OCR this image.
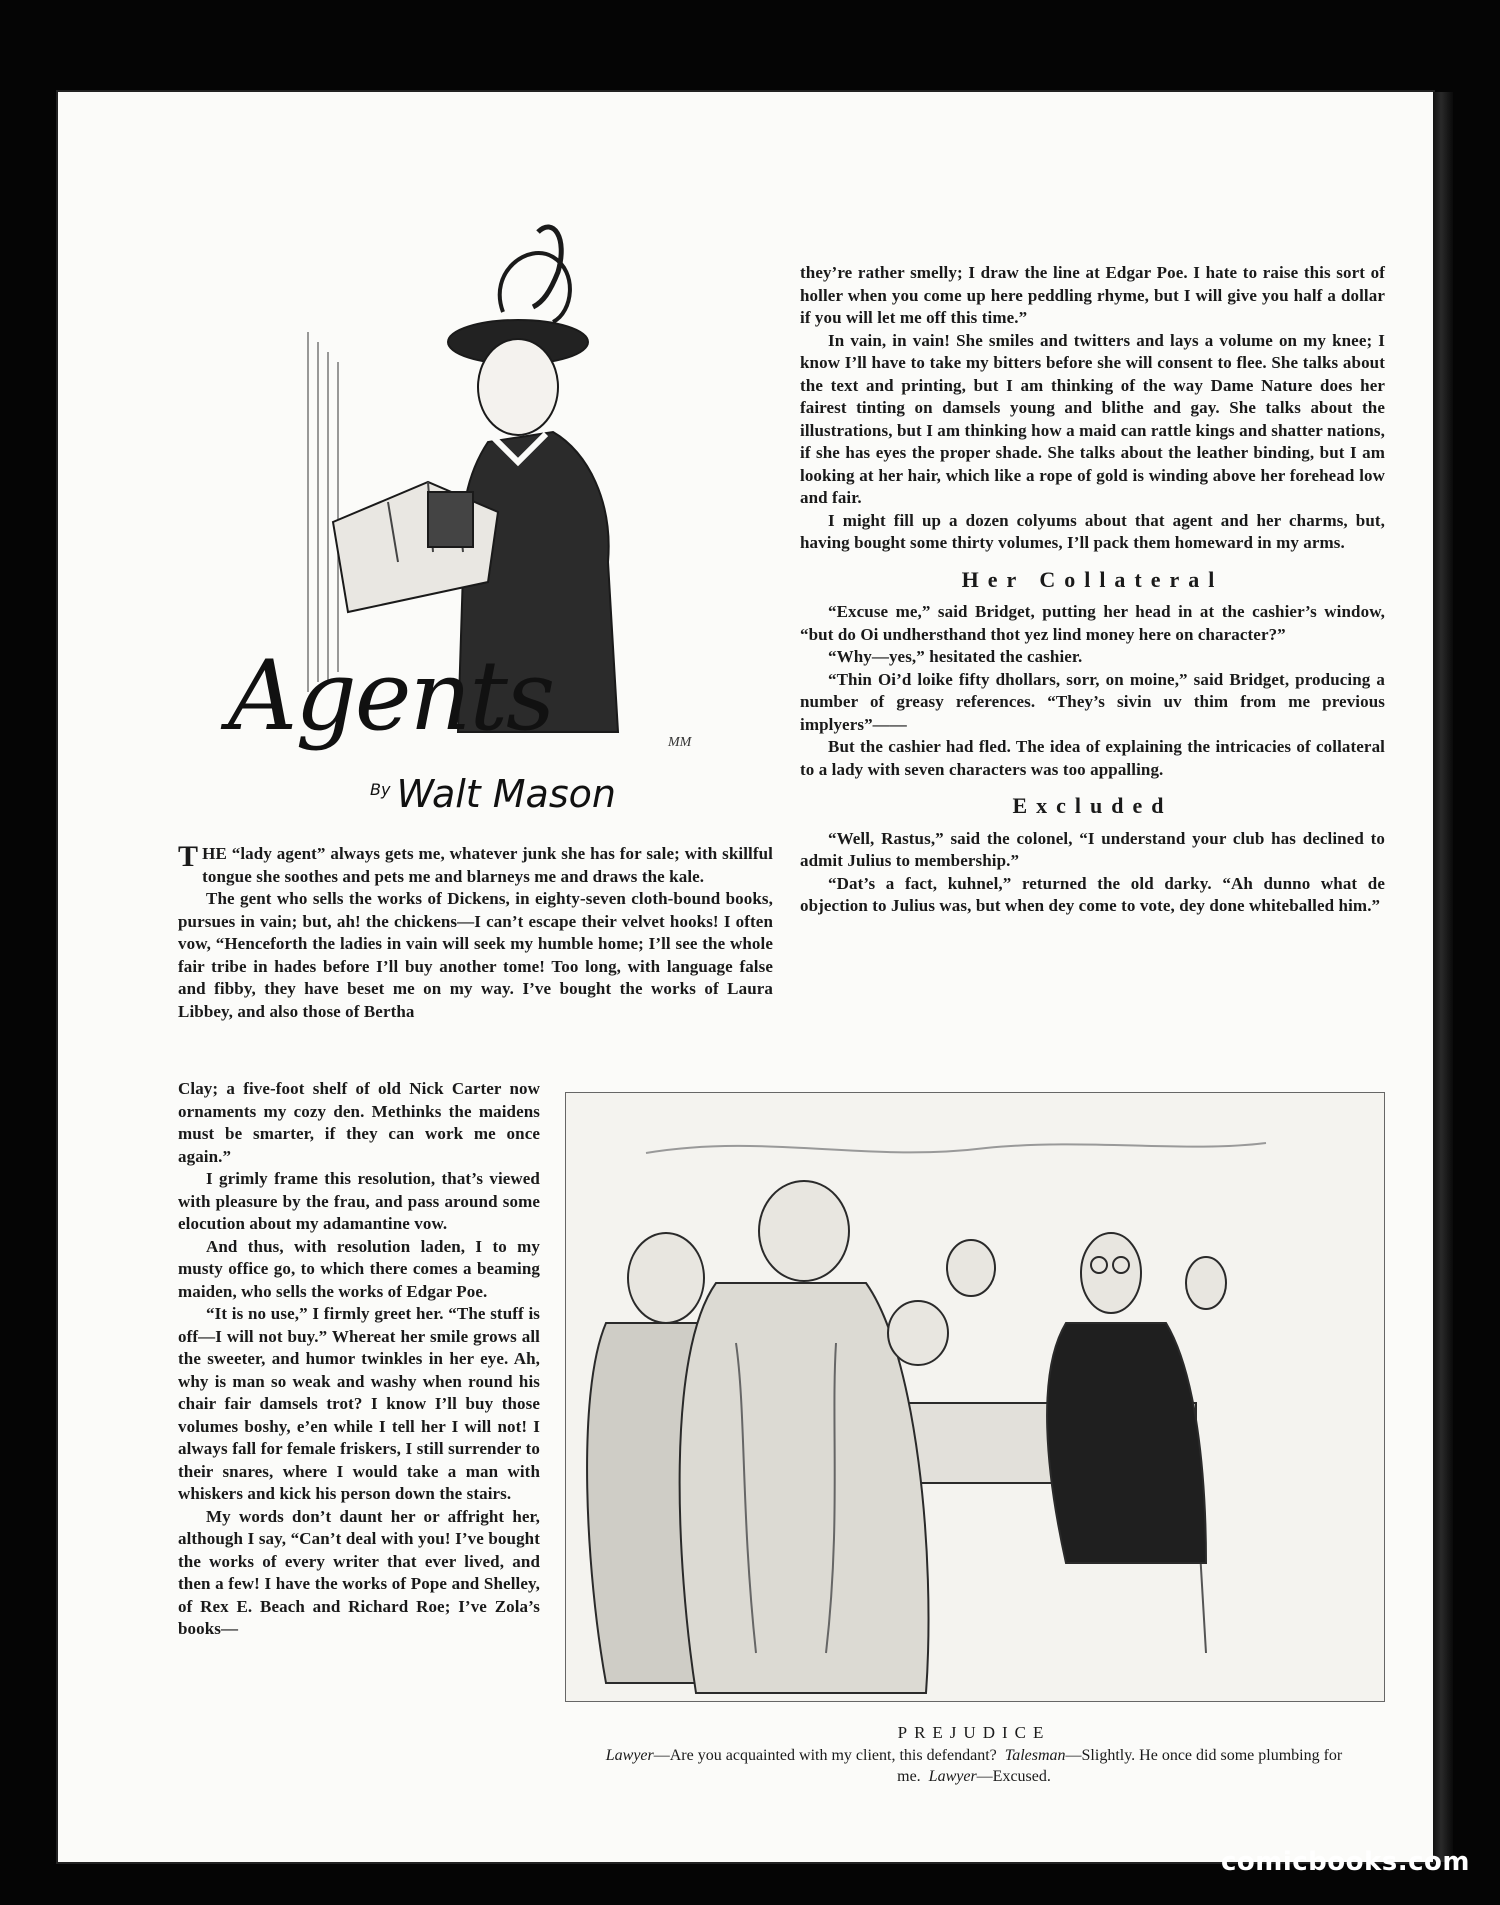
MM
Agents
$^{By}$ Walt Mason

THE “lady agent” always gets me, whatever junk she has for sale; with skillful tongue she soothes and pets me and blarneys me and draws the kale.

The gent who sells the works of Dickens, in eighty-seven cloth-bound books, pursues in vain; but, ah! the chickens—I can’t escape their velvet hooks! I often vow, “Henceforth the ladies in vain will seek my humble home; I’ll see the whole fair tribe in hades before I’ll buy another tome! Too long, with language false and fibby, they have beset me on my way. I’ve bought the works of Laura Libbey, and also those of Bertha

Clay; a five-foot shelf of old Nick Carter now ornaments my cozy den. Methinks the maidens must be smarter, if they can work me once again.”

I grimly frame this resolution, that’s viewed with pleasure by the frau, and pass around some elocution about my adamantine vow.

And thus, with resolution laden, I to my musty office go, to which there comes a beaming maiden, who sells the works of Edgar Poe.

“It is no use,” I firmly greet her. “The stuff is off—I will not buy.” Whereat her smile grows all the sweeter, and humor twinkles in her eye. Ah, why is man so weak and washy when round his chair fair damsels trot? I know I’ll buy those volumes boshy, e’en while I tell her I will not! I always fall for female friskers, I still surrender to their snares, where I would take a man with whiskers and kick his person down the stairs.

My words don’t daunt her or affright her, although I say, “Can’t deal with you! I’ve bought the works of every writer that ever lived, and then a few! I have the works of Pope and Shelley, of Rex E. Beach and Richard Roe; I’ve Zola’s books—

they’re rather smelly; I draw the line at Edgar Poe. I hate to raise this sort of holler when you come up here peddling rhyme, but I will give you half a dollar if you will let me off this time.”

In vain, in vain! She smiles and twitters and lays a volume on my knee; I know I’ll have to take my bitters before she will consent to flee. She talks about the text and printing, but I am thinking of the way Dame Nature does her fairest tinting on damsels young and blithe and gay. She talks about the illustrations, but I am thinking how a maid can rattle kings and shatter nations, if she has eyes the proper shade. She talks about the leather binding, but I am looking at her hair, which like a rope of gold is winding above her forehead low and fair.

I might fill up a dozen colyums about that agent and her charms, but, having bought some thirty volumes, I’ll pack them homeward in my arms.

Her Collateral

“Excuse me,” said Bridget, putting her head in at the cashier’s window, “but do Oi undhersthand thot yez lind money here on character?”

“Why—yes,” hesitated the cashier.

“Thin Oi’d loike fifty dhollars, sorr, on moine,” said Bridget, producing a number of greasy references. “They’s sivin uv thim from me previous implyers”——

But the cashier had fled. The idea of explaining the intricacies of collateral to a lady with seven characters was too appalling.

Excluded

“Well, Rastus,” said the colonel, “I understand your club has declined to admit Julius to membership.”

“Dat’s a fact, kuhnel,” returned the old darky. “Ah dunno what de objection to Julius was, but when dey come to vote, dey done whiteballed him.”

PREJUDICE
Lawyer—Are you acquainted with my client, this defendant? Talesman—Slightly. He once did some plumbing for me. Lawyer—Excused.
comicbooks.com
